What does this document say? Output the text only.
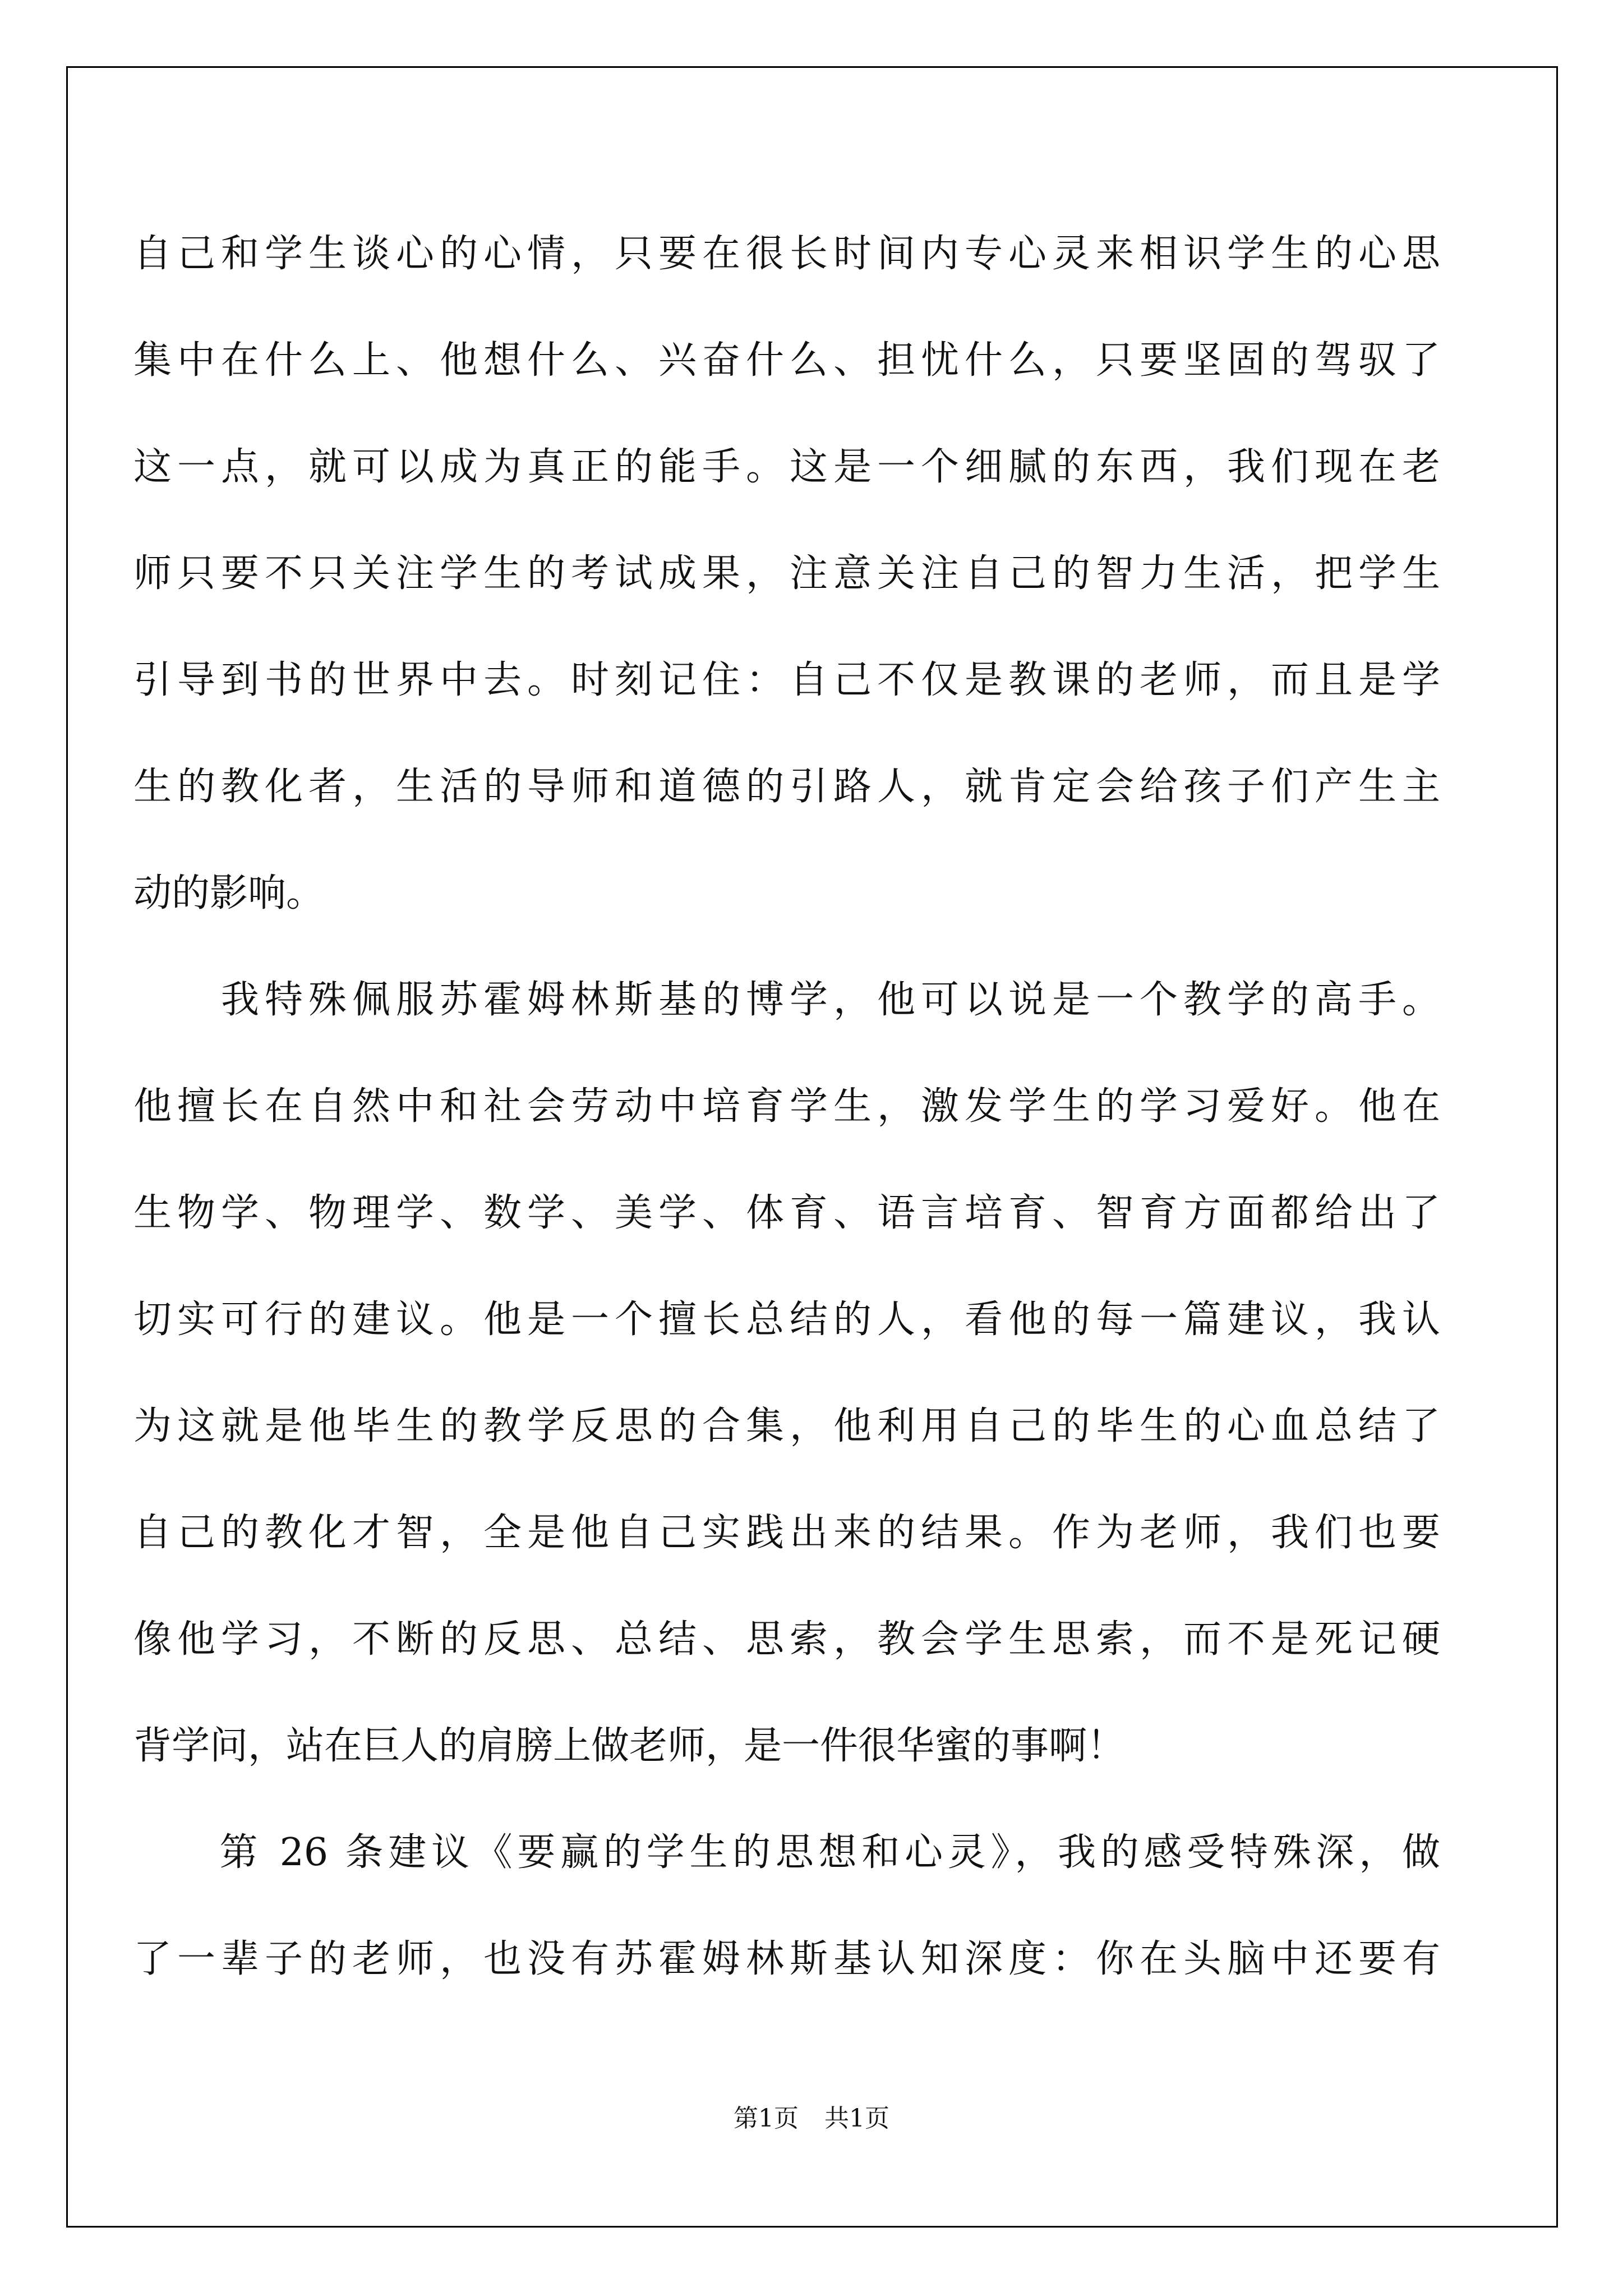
自己和学生谈心的心情，只要在很长时间内专心灵来相识学生的心思
集中在什么上、他想什么、兴奋什么、担忧什么，只要坚固的驾驭了
这一点，就可以成为真正的能手。这是一个细腻的东西，我们现在老
师只要不只关注学生的考试成果，注意关注自己的智力生活，把学生
引导到书的世界中去。时刻记住：自己不仅是教课的老师，而且是学
生的教化者，生活的导师和道德的引路人，就肯定会给孩子们产生主
动的影响。
　　我特殊佩服苏霍姆林斯基的博学，他可以说是一个教学的高手。
他擅长在自然中和社会劳动中培育学生，激发学生的学习爱好。他在
生物学、物理学、数学、美学、体育、语言培育、智育方面都给出了
切实可行的建议。他是一个擅长总结的人，看他的每一篇建议，我认
为这就是他毕生的教学反思的合集，他利用自己的毕生的心血总结了
自己的教化才智，全是他自己实践出来的结果。作为老师，我们也要
像他学习，不断的反思、总结、思索，教会学生思索，而不是死记硬
背学问，站在巨人的肩膀上做老师，是一件很华蜜的事啊！
　　第 26 条建议《要赢的学生的思想和心灵》，我的感受特殊深，做
了一辈子的老师，也没有苏霍姆林斯基认知深度：你在头脑中还要有
第1页 共1页
